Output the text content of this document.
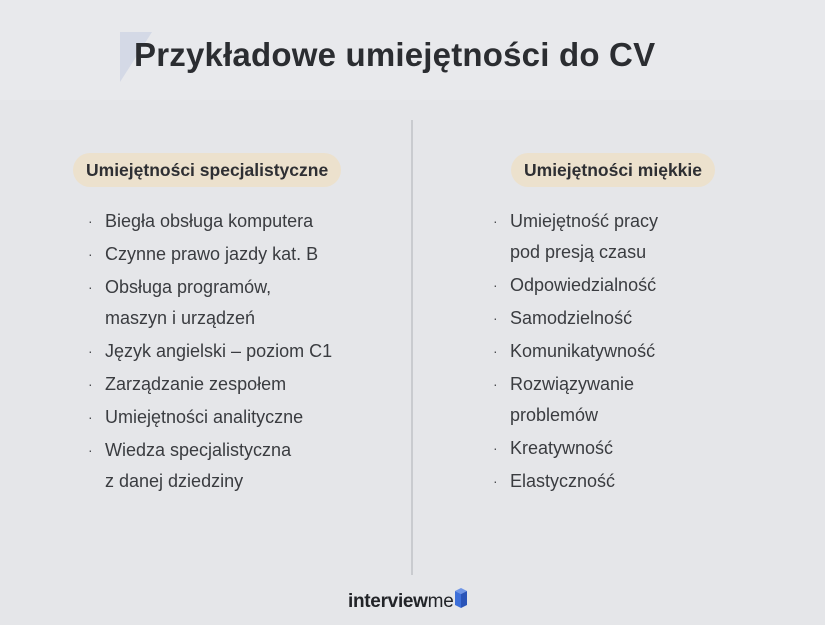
Przykładowe umiejętności do CV
Umiejętności specjalistyczne	Umiejętności miękkie
· Biegła obsługa komputera
· Czynne prawo jazdy kat. B
· Obsługa programów,
maszyn i urządzeń
· Język angielski – poziom C1
· Zarządzanie zespołem
· Umiejętności analityczne
· Wiedza specjalistyczna
z danej dziedziny
· Umiejętność pracy
pod presją czasu
· Odpowiedzialność
· Samodzielność
· Komunikatywność
· Rozwiązywanie
problemów
· Kreatywność
· Elastyczność
interviewme
